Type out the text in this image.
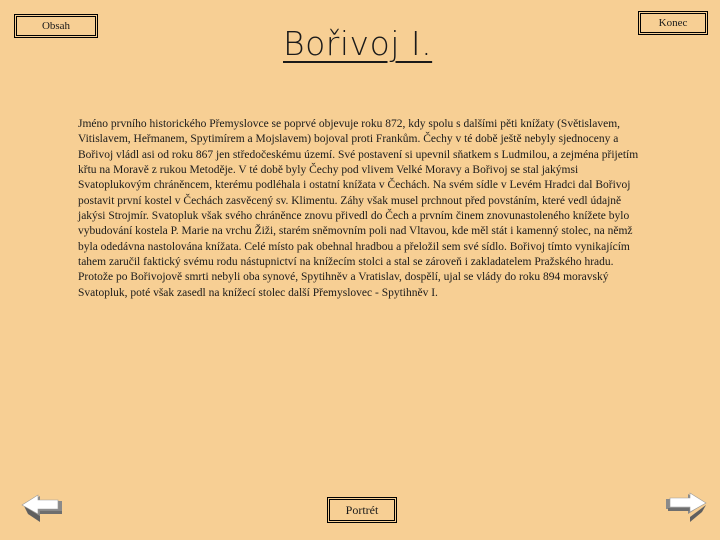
Obsah	Konec
Bořivoj I.
Jméno prvního historického Přemyslovce se poprvé objevuje roku 872, kdy spolu s dalšími pěti knížaty (Světislavem, Vitislavem, Heřmanem, Spytimírem a Mojslavem) bojoval proti Frankům. Čechy v té době ještě nebyly sjednoceny a Bořivoj vládl asi od roku 867 jen středočeskému území. Své postavení si upevnil sňatkem s Ludmilou, a zejména přijetím křtu na Moravě z rukou Metoděje. V té době byly Čechy pod vlivem Velké Moravy a Bořivoj se stal jakýmsi Svatoplukovým chráněncem, kterému podléhala i ostatní knížata v Čechách. Na svém sídle v Levém Hradci dal Bořivoj postavit první kostel v Čechách zasvěcený sv. Klimentu. Záhy však musel prchnout před povstáním, které vedl údajně jakýsi Strojmír. Svatopluk však svého chráněnce znovu přivedl do Čech a prvním činem znovunastoleného knížete bylo vybudování kostela P. Marie na vrchu Žiži, starém sněmovním poli nad Vltavou, kde měl stát i kamenný stolec, na němž byla odedávna nastolována knížata. Celé místo pak obehnal hradbou a přeložil sem své sídlo. Bořivoj tímto vynikajícím tahem zaručil faktický svému rodu nástupnictví na knížecím stolci a stal se zároveň i zakladatelem Pražského hradu. Protože po Bořivojově smrti nebyli oba synové, Spytihněv a Vratislav, dospělí, ujal se vlády do roku 894 moravský Svatopluk, poté však zasedl na knížecí stolec další Přemyslovec - Spytihněv I.
Portrét
